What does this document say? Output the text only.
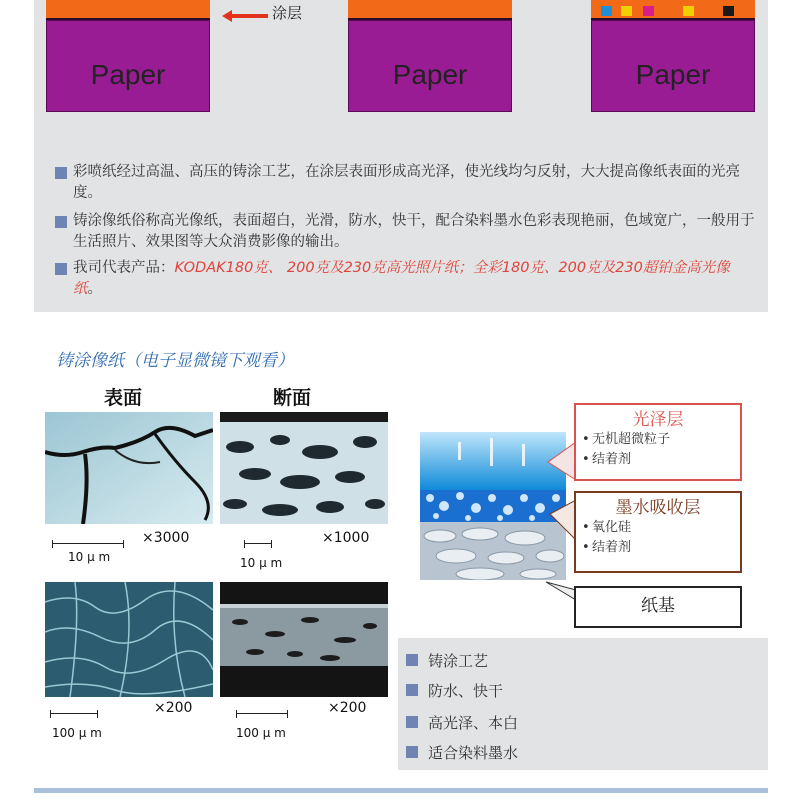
Paper
涂层
Paper	Paper
彩喷纸经过高温、高压的铸涂工艺，在涂层表面形成高光泽，使光线均匀反射，大大提高像纸表面的光亮度。
铸涂像纸俗称高光像纸，表面超白，光滑，防水，快干，配合染料墨水色彩表现艳丽，色域宽广，一般用于生活照片、效果图等大众消费影像的输出。
我司代表产品：KODAK180克、 200克及230克高光照片纸；全彩180克、200克及230超铂金高光像纸。
铸涂像纸（电子显微镜下观看）
表面	断面
10 μ m
×3000
10 μ m
×1000
100 μ m
×200
100 μ m
×200
光泽层
• 无机超微粒子
• 结着剂
墨水吸收层
• 氧化硅
• 结着剂
纸基
铸涂工艺
防水、快干
高光泽、本白
适合染料墨水
